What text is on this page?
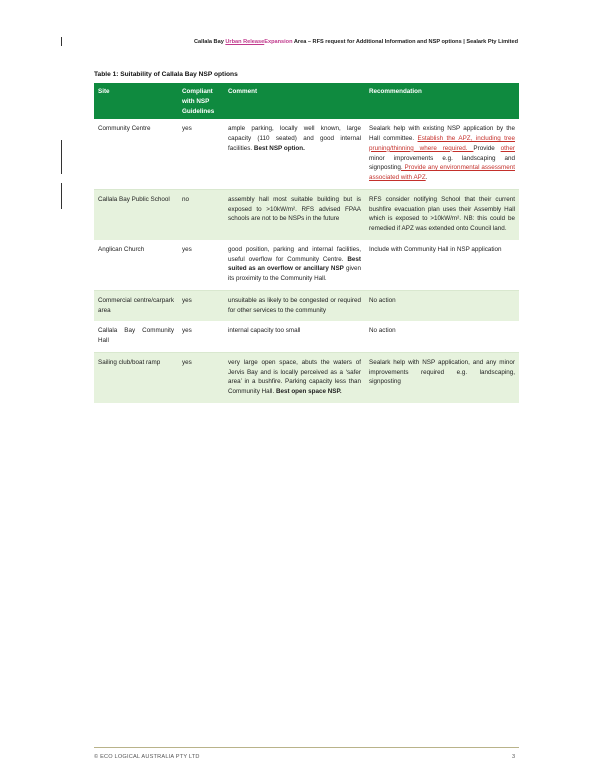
Callala Bay Urban ReleaseExpansion Area – RFS request for Additional Information and NSP options | Sealark Pty Limited
Table 1: Suitability of Callala Bay NSP options
Site	Compliant with NSP Guidelines	Comment	Recommendation
Community Centre	yes	ample parking, locally well known, large capacity (110 seated) and good internal facilities. Best NSP option.	Sealark help with existing NSP application by the Hall committee. Establish the APZ, including tree pruning/thinning where required. Provide other minor improvements e.g. landscaping and signposting. Provide any environmental assessment associated with APZ.
Callala Bay Public School	no	assembly hall most suitable building but is exposed to >10kW/m². RFS advised FPAA schools are not to be NSPs in the future	RFS consider notifying School that their current bushfire evacuation plan uses their Assembly Hall which is exposed to >10kW/m². NB: this could be remedied if APZ was extended onto Council land.
Anglican Church	yes	good position, parking and internal facilities, useful overflow for Community Centre. Best suited as an overflow or ancillary NSP given its proximity to the Community Hall.	Include with Community Hall in NSP application
Commercial centre/carpark area	yes	unsuitable as likely to be congested or required for other services to the community	No action
Callala Bay Community Hall	yes	internal capacity too small	No action
Sailing club/boat ramp	yes	very large open space, abuts the waters of Jervis Bay and is locally perceived as a ‘safer area’ in a bushfire. Parking capacity less than Community Hall. Best open space NSP.	Sealark help with NSP application, and any minor improvements required e.g. landscaping, signposting
© ECO LOGICAL AUSTRALIA PTY LTD	3
